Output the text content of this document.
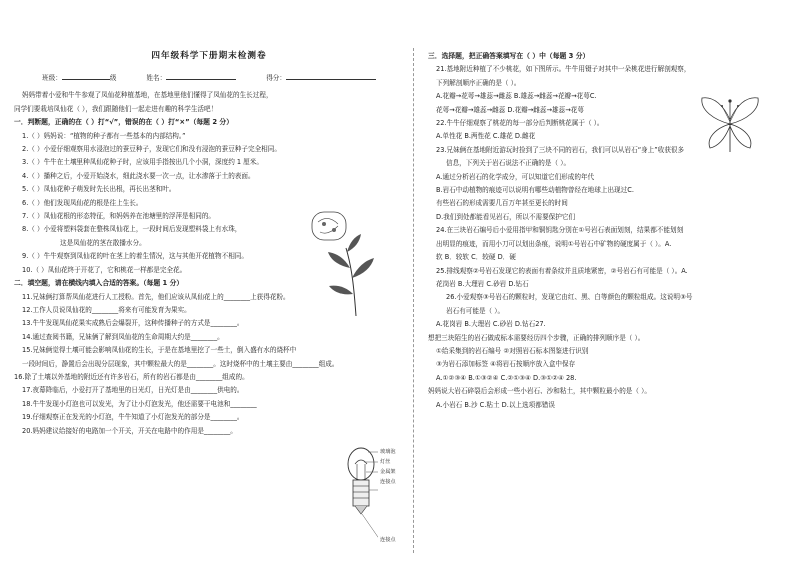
四年级科学下册期末检测卷
班级：	级	姓名：	得分：
妈妈带着小爱和牛牛参观了凤仙花种植基地，在基地里他们懂得了凤仙花的生长过程，
同学们要栽培凤仙花（ ），我们跟随他们一起走进有趣的科学生活吧！
一．判断题，正确的在（ ）打“√”，错误的在（ ）打“×”（每题 2 分）
1.（ ）妈妈说：“植物的种子都有一些基本的内部结构。”
2.（ ）小爱仔细观察用水浸泡过的蚕豆种子，发现它们和没有浸泡的蚕豆种子完全相同。
3.（ ）牛牛在土壤里种凤仙花种子时，应该用手指按出几个小洞，深度约 1 厘米。
4.（ ）播种之后，小爱开始浇水，细此浇水要一次一点，让水渗落于土的表面。
5.（ ）凤仙花种子萌发时先长出根，再长出茎和叶。
6.（ ）他们发现凤仙花的根是往上生长。
7.（ ）凤仙花根的形态特征，和妈妈养在池塘里的浮萍是相同的。
8.（ ）小爱将塑料袋套在整株凤仙花上，一段时间后发现塑料袋上有水珠，
这是凤仙花的茎在散播水分。
9.（ ）牛牛观察到凤仙花的叶在茎上的着生情况，这与其他开花植物不相同。
10.（ ）凤仙花终于开花了，它和桃花一样都是完全花。
二．填空题，请在横线内填入合适的答案。（每题 1 分）
11.兄妹俩打算帮凤仙花进行人工授粉。首先，他们应该从凤仙花上的________上获得花粉。
12.工作人员说凤仙花的________将来有可能发育为果实。
13.牛牛发现凤仙花果实成熟后会爆裂开，这种传播种子的方式是________。
14.通过查阅书籍，兄妹俩了解到凤仙花的生命周期大约是________。
15.兄妹俩觉得土壤可能会影响凤仙花的生长，于是在基地里挖了一些土，倒入盛有水的烧杯中
一段时间后，静置后会出现分层现象，其中颗粒最大的是________。这时烧杯中的土壤主要由________组成。
16.除了土壤以外基地的附近还有许多岩石，所有的岩石都是由________组成的。
17.夜幕降临后，小爱打开了基地里的日光灯，日光灯是由________供电的。
18.牛牛发现小灯泡也可以发光，为了让小灯泡发光，他还需要干电池和________
19.仔细观察正在发光的小灯泡，牛牛知道了小灯泡发光的部分是________。
20.妈妈建议给接好的电路加一个开关，开关在电路中的作用是________。
玻璃泡
灯丝
金属架
连接点
连接点
三．选择题，把正确答案填写在（ ）中（每题 3 分）
21.基地附近种植了不少桃花，如下图所示。牛牛用镊子对其中一朵桃花进行解剖观察，
下列解剖顺序正确的是（ ）。
A.花瓣→花萼→雄蕊→雌蕊 B.雄蕊→雌蕊→花瓣→花萼C.
花萼→花瓣→雄蕊→雌蕊 D.花瓣→雌蕊→雄蕊→花萼
22.牛牛仔细观察了桃花的每一部分后判断桃花属于（ ）。
A.单性花 B.两性花 C.雄花 D.雌花
23.兄妹俩在基地附近游玩时捡到了三块不同的岩石，我们可以从岩石“身上”收获很多
信息，下列关于岩石说法不正确的是（ ）。
A.通过分析岩石的化学成分，可以知道它们形成的年代
B.岩石中动植物的痕迹可以说明有哪些动植物曾经在地球上出现过C.
有些岩石的形成需要几百万年甚至更长的时间
D.我们到处都能看见岩石，所以不需要保护它们
24.在三块岩石编号后小爱用指甲和铜钥匙分别在①号岩石表面划刻，结果都不能划刻
出明显的痕迹，而用小刀可以划出条痕，说明①号岩石中矿物的硬度属于（ ）。A.
软 B．较软 C．较硬 D．硬
25.排线观察②号岩石发现它的表面有着条纹并且质地紧密，②号岩石有可能是（ ）。A.
花岗岩 B.大理岩 C.砂岩 D.钻石
26.小爱观察③号岩石的颗粒时，发现它由红、黑、白等颜色的颗粒组成。这说明③号
岩石有可能是（ ）。
A.花岗岩 B.大理岩 C.砂岩 D.钻石27.
想把三块陌生的岩石做成标本需要经历四个步骤，正确的排列顺序是（ ）。
①给采集到的岩石编号 ②对照岩石标本图鉴进行识别
③为岩石添加标签 ④将岩石按顺序放入盒中保存
A.①②③④ B.①③②④ C.②①③④ D.③①②④ 28.
妈妈说大岩石碎裂后会形成一些小岩石、沙和粘土，其中颗粒最小的是（ ）。
A.小岩石 B.沙 C.粘土 D.以上选项都错误
